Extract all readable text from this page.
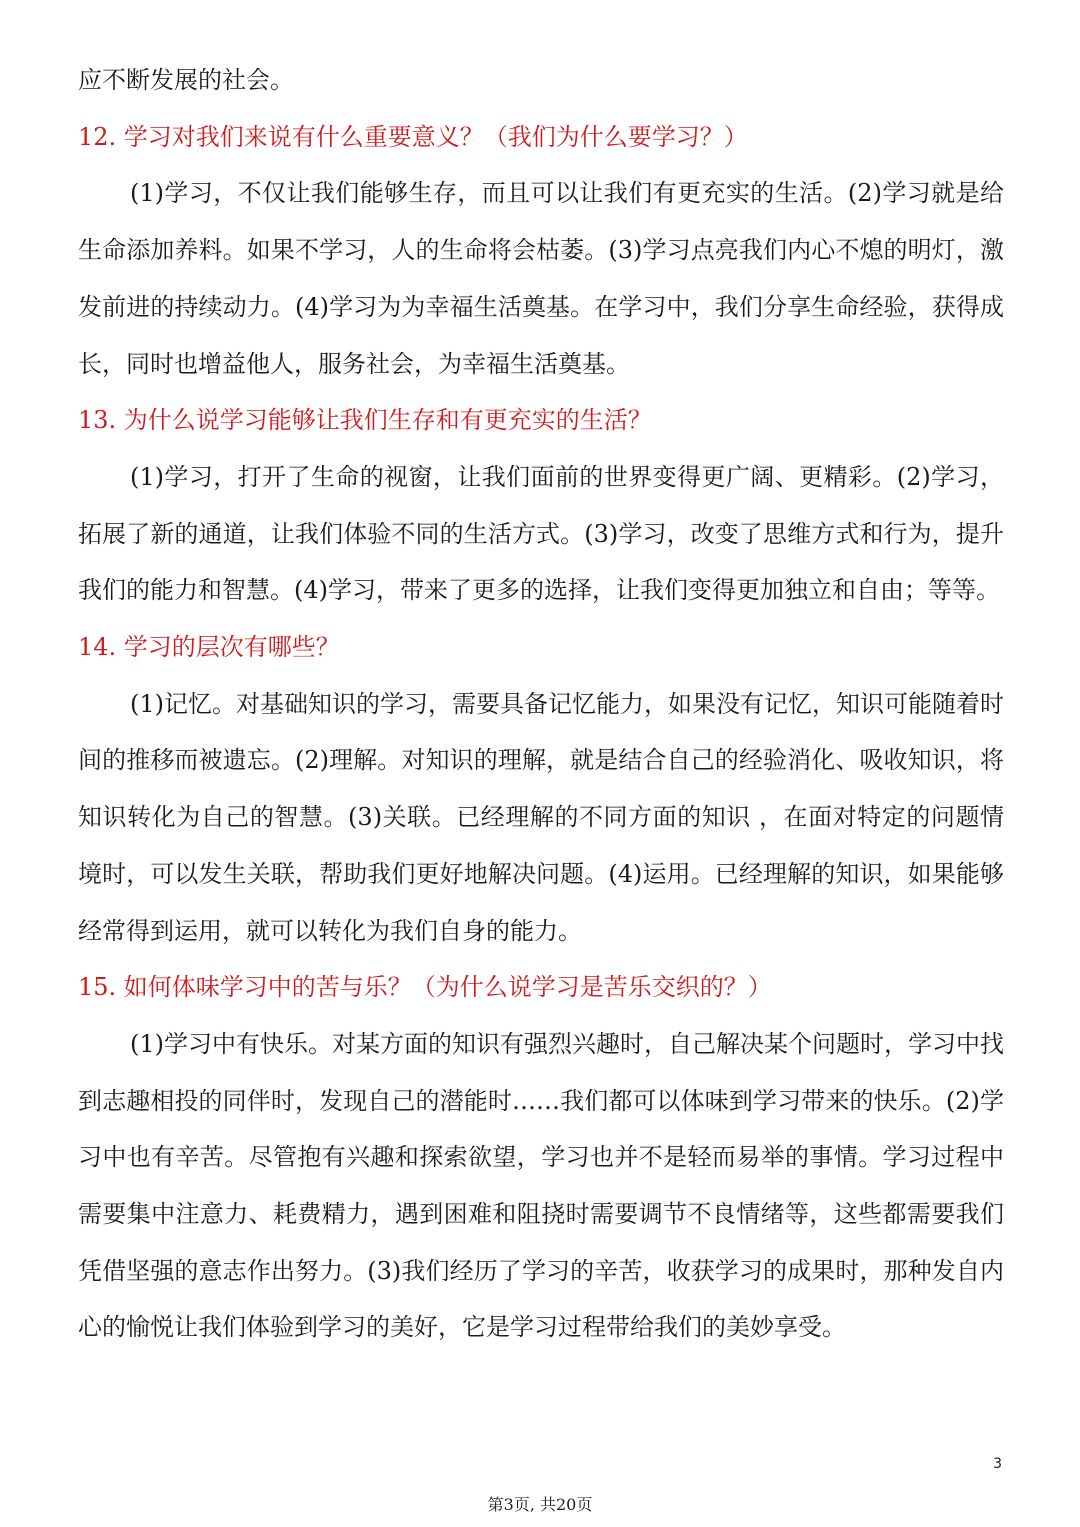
应不断发展的社会。

12. 学习对我们来说有什么重要意义？（我们为什么要学习？）

(1)学习，不仅让我们能够生存，而且可以让我们有更充实的生活。(2)学习就是给生命添加养料。如果不学习，人的生命将会枯萎。(3)学习点亮我们内心不熄的明灯，激发前进的持续动力。(4)学习为为幸福生活奠基。在学习中，我们分享生命经验，获得成长，同时也增益他人，服务社会，为幸福生活奠基。

13. 为什么说学习能够让我们生存和有更充实的生活？

(1)学习，打开了生命的视窗，让我们面前的世界变得更广阔、更精彩。(2)学习，拓展了新的通道，让我们体验不同的生活方式。(3)学习，改变了思维方式和行为，提升我们的能力和智慧。(4)学习，带来了更多的选择，让我们变得更加独立和自由；等等。

14. 学习的层次有哪些？

(1)记忆。对基础知识的学习，需要具备记忆能力，如果没有记忆，知识可能随着时间的推移而被遗忘。(2)理解。对知识的理解，就是结合自己的经验消化、吸收知识，将知识转化为自己的智慧。(3)关联。已经理解的不同方面的知识 ，在面对特定的问题情境时，可以发生关联，帮助我们更好地解决问题。(4)运用。已经理解的知识，如果能够经常得到运用，就可以转化为我们自身的能力。

15. 如何体味学习中的苦与乐？（为什么说学习是苦乐交织的？）

(1)学习中有快乐。对某方面的知识有强烈兴趣时，自己解决某个问题时，学习中找到志趣相投的同伴时，发现自己的潜能时……我们都可以体味到学习带来的快乐。(2)学习中也有辛苦。尽管抱有兴趣和探索欲望，学习也并不是轻而易举的事情。学习过程中需要集中注意力、耗费精力，遇到困难和阻挠时需要调节不良情绪等，这些都需要我们凭借坚强的意志作出努力。(3)我们经历了学习的辛苦，收获学习的成果时，那种发自内心的愉悦让我们体验到学习的美好，它是学习过程带给我们的美妙享受。

3
第3页, 共20页
